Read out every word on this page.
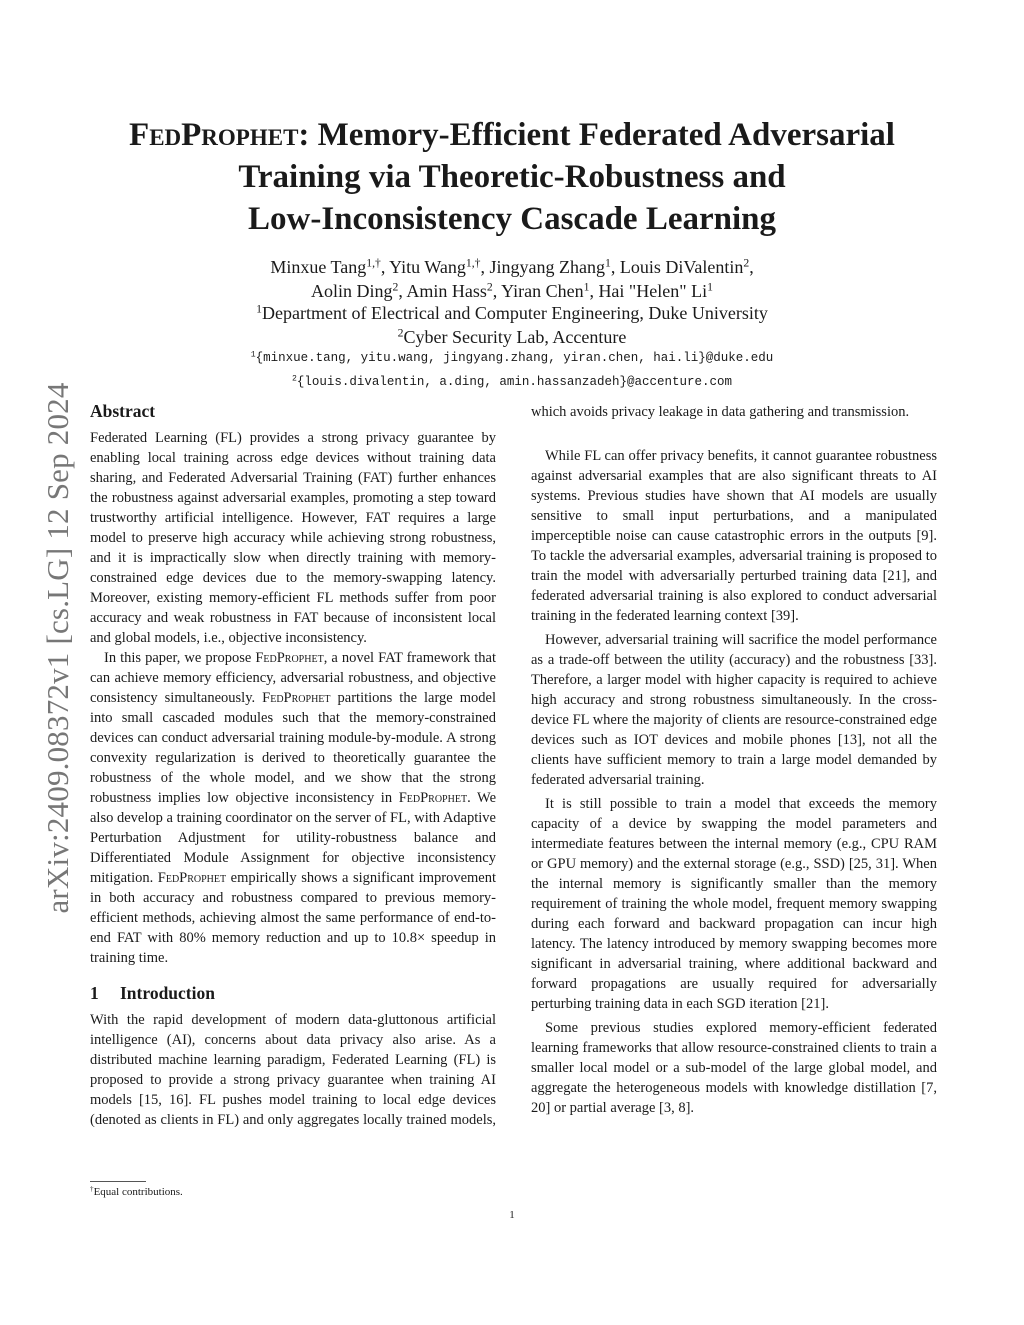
arXiv:2409.08372v1 [cs.LG] 12 Sep 2024
FedProphet: Memory-Efficient Federated Adversarial
Training via Theoretic-Robustness and
Low-Inconsistency Cascade Learning
Minxue Tang$^{1,\dagger}$, Yitu Wang$^{1,\dagger}$, Jingyang Zhang$^1$, Louis DiValentin$^2$,
Aolin Ding$^2$, Amin Hass$^2$, Yiran Chen$^1$, Hai "Helen" Li$^1$
$^1$Department of Electrical and Computer Engineering, Duke University
$^2$Cyber Security Lab, Accenture
$^1${minxue.tang, yitu.wang, jingyang.zhang, yiran.chen, hai.li}@duke.edu
$^2${louis.divalentin, a.ding, amin.hassanzadeh}@accenture.com
Abstract

Federated Learning (FL) provides a strong privacy guarantee by enabling local training across edge devices without training data sharing, and Federated Adversarial Training (FAT) further enhances the robustness against adversarial examples, promoting a step toward trustworthy artificial intelligence. However, FAT requires a large model to preserve high accuracy while achieving strong robustness, and it is impractically slow when directly training with memory-constrained edge devices due to the memory-swapping latency. Moreover, existing memory-efficient FL methods suffer from poor accuracy and weak robustness in FAT because of inconsistent local and global models, i.e., objective inconsistency.

In this paper, we propose FedProphet, a novel FAT framework that can achieve memory efficiency, adversarial robustness, and objective consistency simultaneously. FedProphet partitions the large model into small cascaded modules such that the memory-constrained devices can conduct adversarial training module-by-module. A strong convexity regularization is derived to theoretically guarantee the robustness of the whole model, and we show that the strong robustness implies low objective inconsistency in FedProphet. We also develop a training coordinator on the server of FL, with Adaptive Perturbation Adjustment for utility-robustness balance and Differentiated Module Assignment for objective inconsistency mitigation. FedProphet empirically shows a significant improvement in both accuracy and robustness compared to previous memory-efficient methods, achieving almost the same performance of end-to-end FAT with 80% memory reduction and up to 10.8× speedup in training time.

1 Introduction

With the rapid development of modern data-gluttonous artificial intelligence (AI), concerns about data privacy also arise. As a distributed machine learning paradigm, Federated Learning (FL) is proposed to provide a strong privacy guarantee when training AI models [15, 16]. FL pushes model training to local edge devices (denoted as clients in FL) and only aggregates locally trained models,

which avoids privacy leakage in data gathering and transmission.

While FL can offer privacy benefits, it cannot guarantee robustness against adversarial examples that are also significant threats to AI systems. Previous studies have shown that AI models are usually sensitive to small input perturbations, and a manipulated imperceptible noise can cause catastrophic errors in the outputs [9]. To tackle the adversarial examples, adversarial training is proposed to train the model with adversarially perturbed training data [21], and federated adversarial training is also explored to conduct adversarial training in the federated learning context [39].

However, adversarial training will sacrifice the model performance as a trade-off between the utility (accuracy) and the robustness [33]. Therefore, a larger model with higher capacity is required to achieve high accuracy and strong robustness simultaneously. In the cross-device FL where the majority of clients are resource-constrained edge devices such as IOT devices and mobile phones [13], not all the clients have sufficient memory to train a large model demanded by federated adversarial training.

It is still possible to train a model that exceeds the memory capacity of a device by swapping the model parameters and intermediate features between the internal memory (e.g., CPU RAM or GPU memory) and the external storage (e.g., SSD) [25, 31]. When the internal memory is significantly smaller than the memory requirement of training the whole model, frequent memory swapping during each forward and backward propagation can incur high latency. The latency introduced by memory swapping becomes more significant in adversarial training, where additional backward and forward propagations are usually required for adversarially perturbing training data in each SGD iteration [21].

Some previous studies explored memory-efficient federated learning frameworks that allow resource-constrained clients to train a smaller local model or a sub-model of the large global model, and aggregate the heterogeneous models with knowledge distillation [7, 20] or partial average [3, 8].

†Equal contributions.
1
